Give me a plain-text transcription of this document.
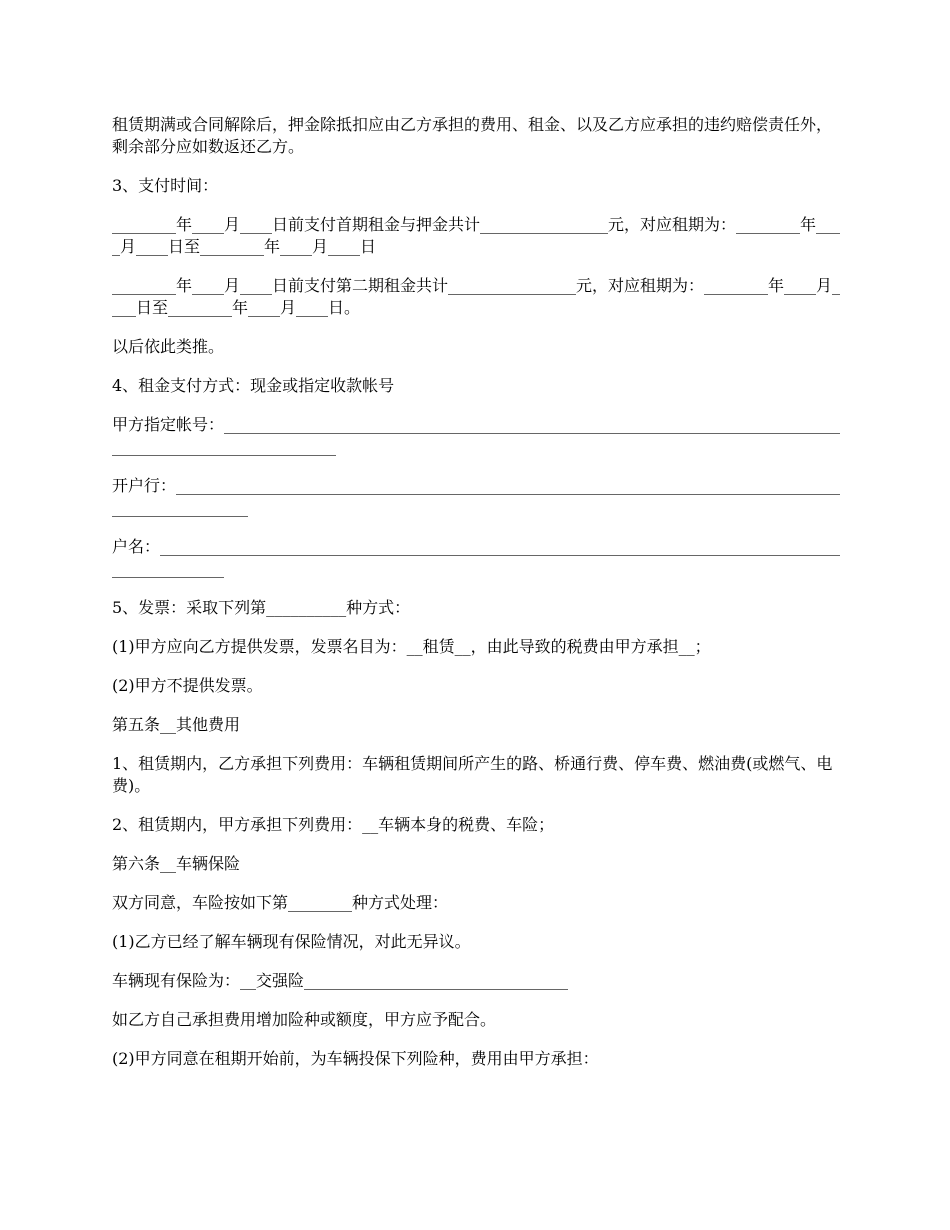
租赁期满或合同解除后，押金除抵扣应由乙方承担的费用、租金、以及乙方应承担的违约赔偿责任外，剩余部分应如数返还乙方。

3、支付时间：

________年____月____日前支付首期租金与押金共计________________元，对应租期为：________年____月____日至________年____月____日

________年____月____日前支付第二期租金共计________________元，对应租期为：________年____月____日至________年____月____日。

以后依此类推。

4、租金支付方式：现金或指定收款帐号

甲方指定帐号：_________________________________________________________________________________________________________

开户行：____________________________________________________________________________________________________

户名：___________________________________________________________________________________________________

5、发票：采取下列第__________种方式：

(1)甲方应向乙方提供发票，发票名目为：__租赁__，由此导致的税费由甲方承担__；

(2)甲方不提供发票。

第五条__其他费用

1、租赁期内，乙方承担下列费用：车辆租赁期间所产生的路、桥通行费、停车费、燃油费(或燃气、电费)。

2、租赁期内，甲方承担下列费用：__车辆本身的税费、车险；

第六条__车辆保险

双方同意，车险按如下第________种方式处理：

(1)乙方已经了解车辆现有保险情况，对此无异议。

车辆现有保险为：__交强险_________________________________

如乙方自己承担费用增加险种或额度，甲方应予配合。

(2)甲方同意在租期开始前，为车辆投保下列险种，费用由甲方承担：
